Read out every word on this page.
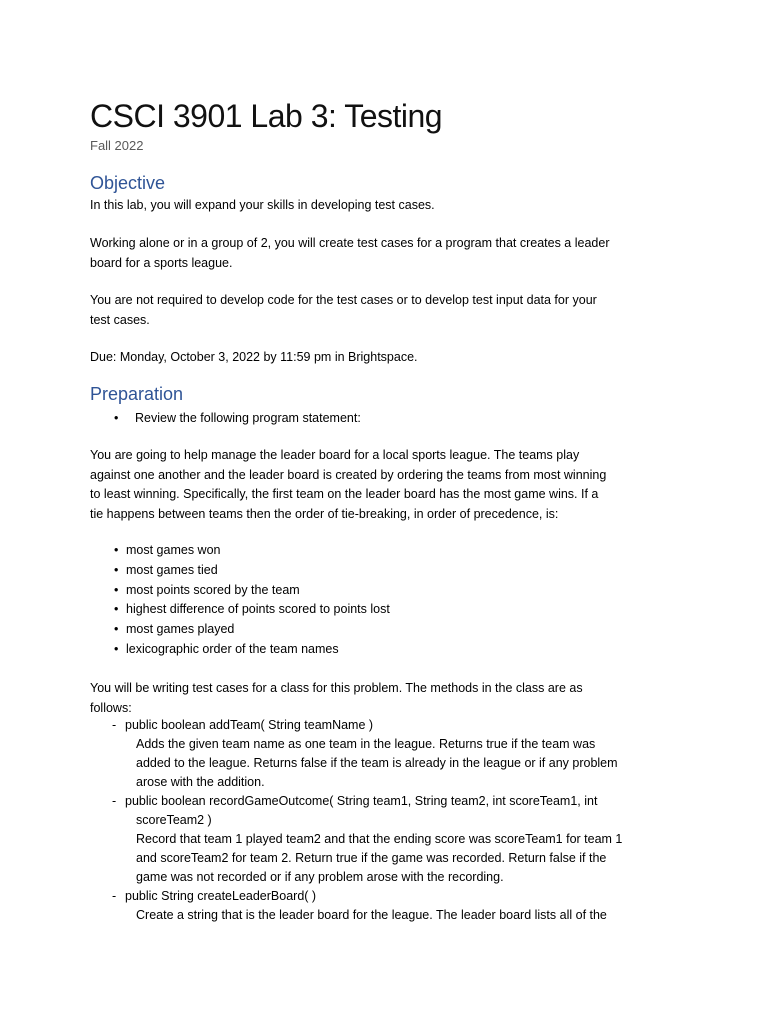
CSCI 3901 Lab 3: Testing
Fall 2022
Objective
In this lab, you will expand your skills in developing test cases.
Working alone or in a group of 2, you will create test cases for a program that creates a leader
board for a sports league.
You are not required to develop code for the test cases or to develop test input data for your
test cases.
Due: Monday, October 3, 2022 by 11:59 pm in Brightspace.
Preparation
• Review the following program statement:
You are going to help manage the leader board for a local sports league. The teams play
against one another and the leader board is created by ordering the teams from most winning
to least winning. Specifically, the first team on the leader board has the most game wins. If a
tie happens between teams then the order of tie-breaking, in order of precedence, is:
• most games won
• most games tied
• most points scored by the team
• highest difference of points scored to points lost
• most games played
• lexicographic order of the team names
You will be writing test cases for a class for this problem. The methods in the class are as
follows:
- public boolean addTeam( String teamName )
Adds the given team name as one team in the league. Returns true if the team was
added to the league. Returns false if the team is already in the league or if any problem
arose with the addition.
- public boolean recordGameOutcome( String team1, String team2, int scoreTeam1, int
scoreTeam2 )
Record that team 1 played team2 and that the ending score was scoreTeam1 for team 1
and scoreTeam2 for team 2. Return true if the game was recorded. Return false if the
game was not recorded or if any problem arose with the recording.
- public String createLeaderBoard( )
Create a string that is the leader board for the league. The leader board lists all of the
